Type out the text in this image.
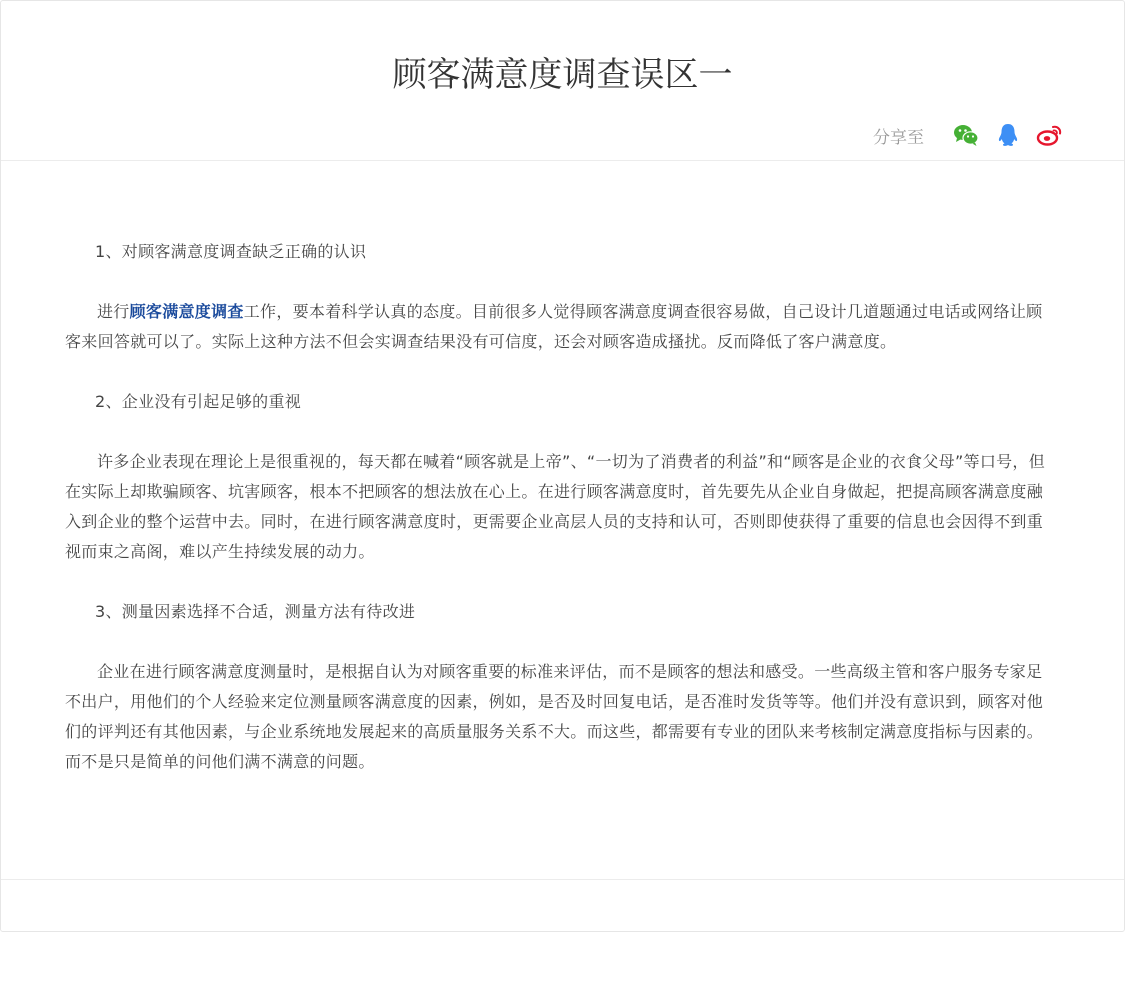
顾客满意度调查误区一
分享至

1、对顾客满意度调查缺乏正确的认识

进行顾客满意度调查工作，要本着科学认真的态度。目前很多人觉得顾客满意度调查很容易做，自己设计几道题通过电话或网络让顾客来回答就可以了。实际上这种方法不但会实调查结果没有可信度，还会对顾客造成搔扰。反而降低了客户满意度。

2、企业没有引起足够的重视

许多企业表现在理论上是很重视的，每天都在喊着“顾客就是上帝”、“一切为了消费者的利益”和“顾客是企业的衣食父母”等口号，但在实际上却欺骗顾客、坑害顾客，根本不把顾客的想法放在心上。在进行顾客满意度时，首先要先从企业自身做起，把提高顾客满意度融入到企业的整个运营中去。同时，在进行顾客满意度时，更需要企业高层人员的支持和认可，否则即使获得了重要的信息也会因得不到重视而束之高阁，难以产生持续发展的动力。

3、测量因素选择不合适，测量方法有待改进

企业在进行顾客满意度测量时，是根据自认为对顾客重要的标准来评估，而不是顾客的想法和感受。一些高级主管和客户服务专家足不出户，用他们的个人经验来定位测量顾客满意度的因素，例如，是否及时回复电话，是否准时发货等等。他们并没有意识到，顾客对他们的评判还有其他因素，与企业系统地发展起来的高质量服务关系不大。而这些，都需要有专业的团队来考核制定满意度指标与因素的。而不是只是简单的问他们满不满意的问题。
